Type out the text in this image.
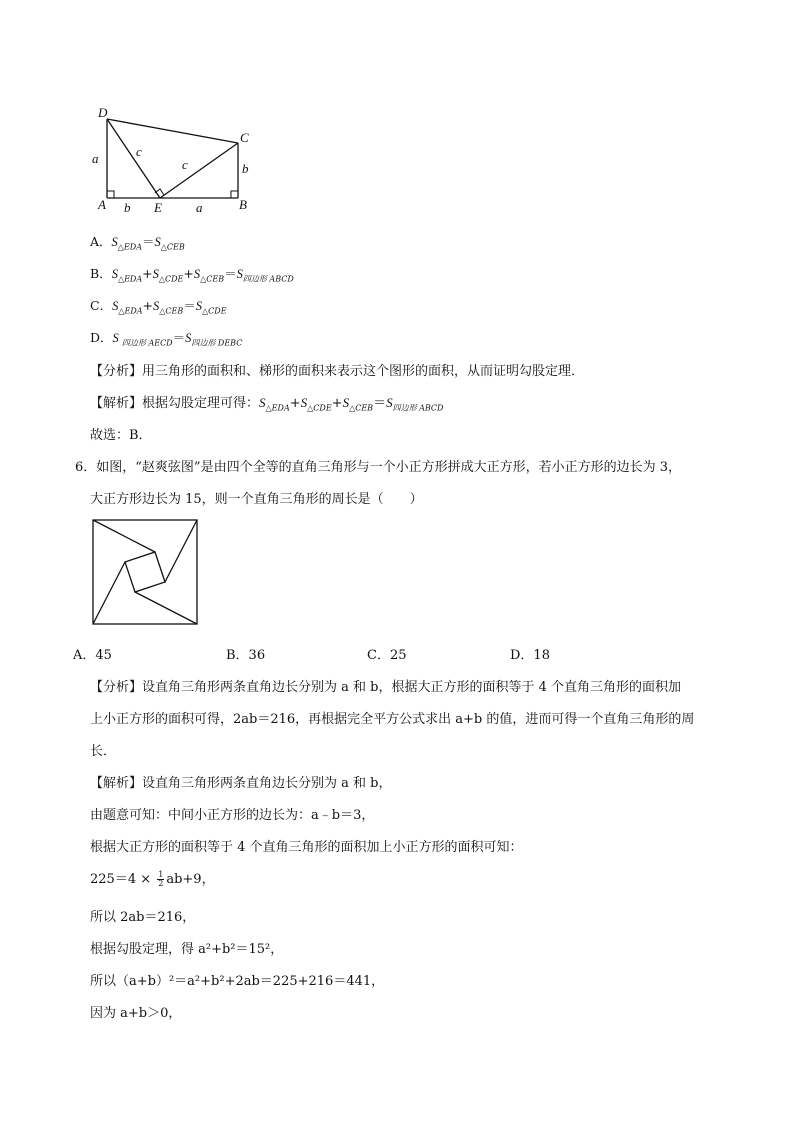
D
C
A	E	B
a
b
c
c
b	a
A．$S_{\triangle EDA}=S_{\triangle CEB}$
B．$S_{\triangle EDA}+S_{\triangle CDE}+S_{\triangle CEB}=S_{四边形 ABCD}$
C．$S_{\triangle EDA}+S_{\triangle CEB}=S_{\triangle CDE}$
D．S $_{四边形 AECD}=S_{四边形 DEBC}$
【分析】用三角形的面积和、梯形的面积来表示这个图形的面积，从而证明勾股定理．
【解析】根据勾股定理可得：$S_{\triangle EDA}+S_{\triangle CDE}+S_{\triangle CEB}=S_{四边形 ABCD}$
故选：B．
6．如图，“赵爽弦图”是由四个全等的直角三角形与一个小正方形拼成大正方形，若小正方形的边长为 3，
大正方形边长为 15，则一个直角三角形的周长是（　　）
A．45	B．36	C．25	D．18
【分析】设直角三角形两条直角边长分别为 a 和 b，根据大正方形的面积等于 4 个直角三角形的面积加
上小正方形的面积可得，2ab＝216，再根据完全平方公式求出 a+b 的值，进而可得一个直角三角形的周
长．
【解析】设直角三角形两条直角边长分别为 a 和 b，
由题意可知：中间小正方形的边长为：a﹣b＝3，
根据大正方形的面积等于 4 个直角三角形的面积加上小正方形的面积可知：
$225=4 \times \frac{1}{2} ab+9$，
所以 2ab＝216，
根据勾股定理，得 a²+b²＝15²，
所以（a+b）²＝a²+b²+2ab＝225+216＝441，
因为 a+b＞0，
